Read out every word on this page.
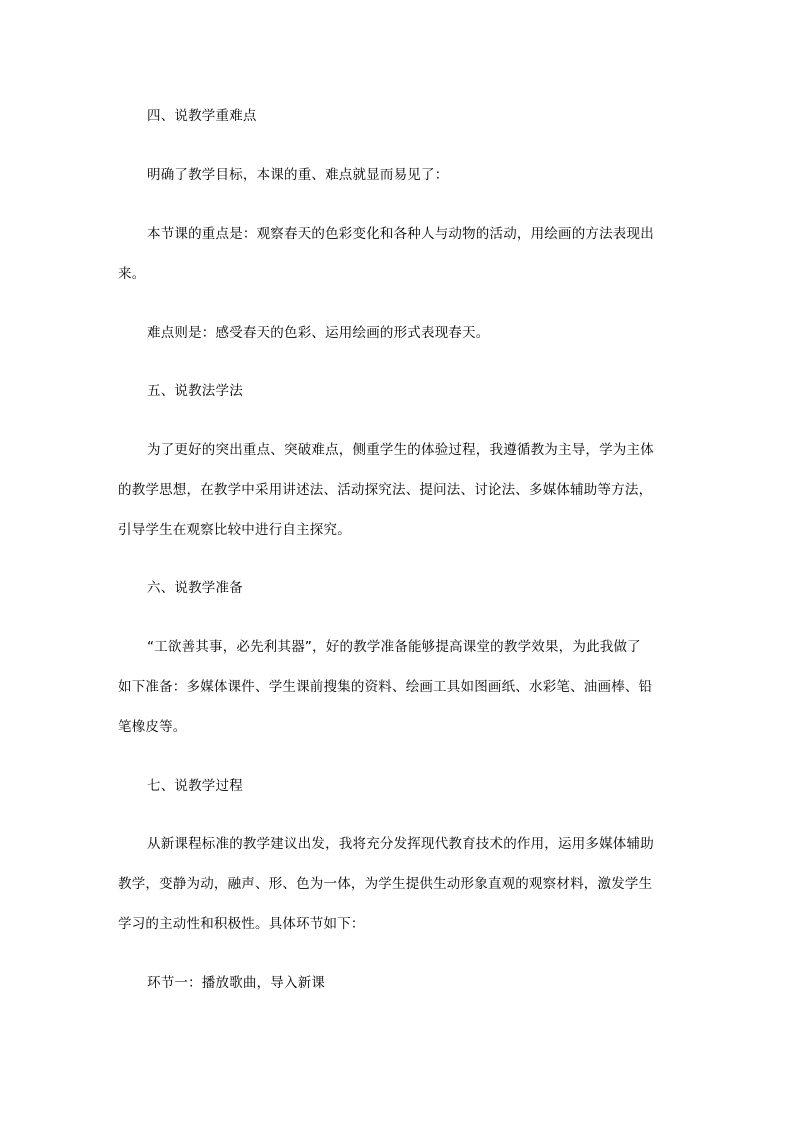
四、说教学重难点
明确了教学目标，本课的重、难点就显而易见了：
本节课的重点是：观察春天的色彩变化和各种人与动物的活动，用绘画的方法表现出
来。
难点则是：感受春天的色彩、运用绘画的形式表现春天。
五、说教法学法
为了更好的突出重点、突破难点，侧重学生的体验过程，我遵循教为主导，学为主体
的教学思想，在教学中采用讲述法、活动探究法、提问法、讨论法、多媒体辅助等方法，
引导学生在观察比较中进行自主探究。
六、说教学准备
“工欲善其事，必先利其器”，好的教学准备能够提高课堂的教学效果，为此我做了
如下准备：多媒体课件、学生课前搜集的资料、绘画工具如图画纸、水彩笔、油画棒、铅
笔橡皮等。
七、说教学过程
从新课程标准的教学建议出发，我将充分发挥现代教育技术的作用，运用多媒体辅助
教学，变静为动，融声、形、色为一体，为学生提供生动形象直观的观察材料，激发学生
学习的主动性和积极性。具体环节如下：
环节一：播放歌曲，导入新课
